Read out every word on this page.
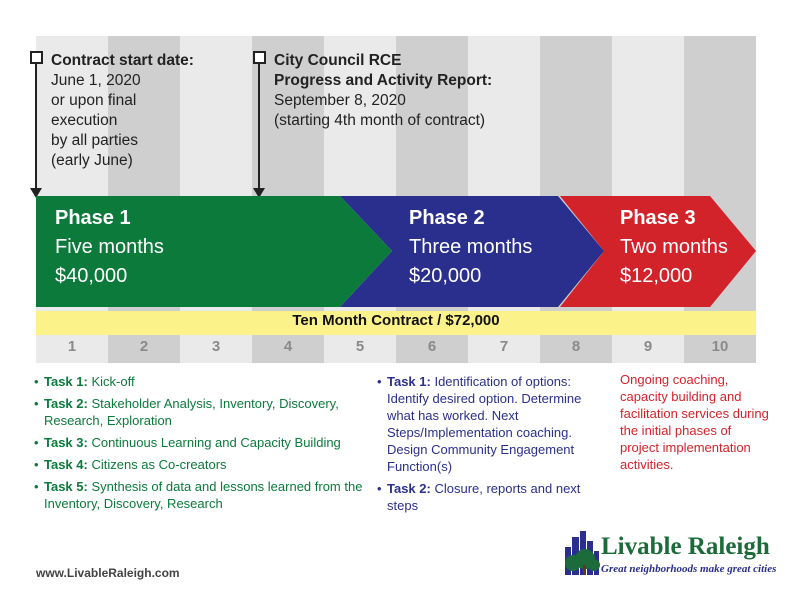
Contract start date:
June 1, 2020
or upon final
execution
by all parties
(early June)
City Council RCE
Progress and Activity Report:
September 8, 2020
(starting 4th month of contract)
Phase 1
Five months
$40,000
Phase 2
Three months
$20,000
Phase 3
Two months
$12,000
Ten Month Contract / $72,000
1	2	3	4	5	6	7	8	9	10
• Task 1: Kick-off
• Task 2: Stakeholder Analysis, Inventory, Discovery, Research, Exploration
• Task 3: Continuous Learning and Capacity Building
• Task 4: Citizens as Co-creators
• Task 5: Synthesis of data and lessons learned from the Inventory, Discovery, Research
• Task 1: Identification of options: Identify desired option. Determine what has worked. Next Steps/Implementation coaching. Design Community Engagement Function(s)
• Task 2: Closure, reports and next steps
Ongoing coaching, capacity building and facilitation services during the initial phases of project implementation activities.
www.LivableRaleigh.com
Livable Raleigh
Great neighborhoods make great cities
